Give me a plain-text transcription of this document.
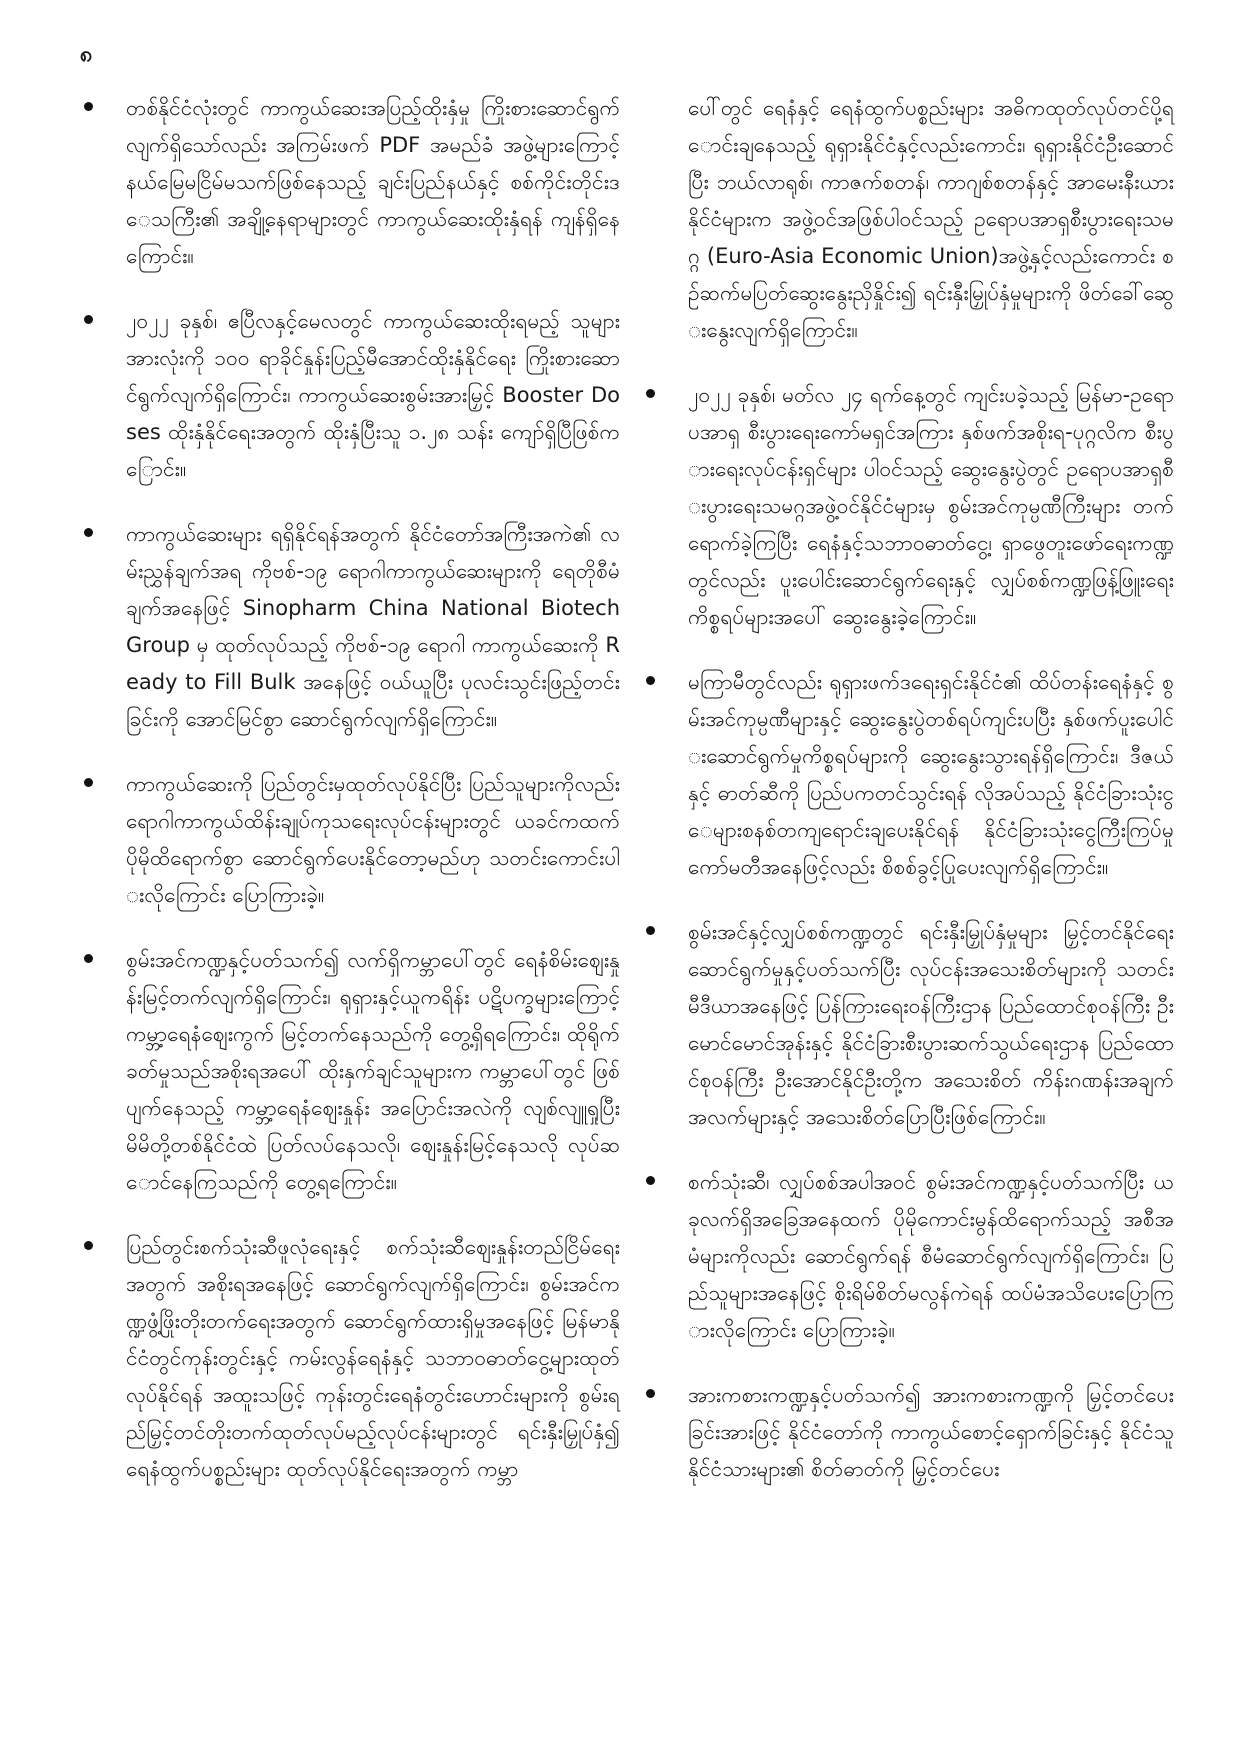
၈

တစ်နိုင်ငံလုံးတွင် ကာကွယ်ဆေးအပြည့်ထိုးနှံမှု ကြိုးစားဆောင်ရွက်လျက်ရှိသော်လည်း အကြမ်းဖက် PDF အမည်ခံ အဖွဲ့များကြောင့် နယ်မြေမငြိမ်မသက်ဖြစ်နေသည့် ချင်းပြည်နယ်နှင့် စစ်ကိုင်းတိုင်းဒေသကြီး၏ အချို့နေရာများတွင် ကာကွယ်ဆေးထိုးနှံရန် ကျန်ရှိနေကြောင်း။

၂၀၂၂ ခုနှစ်၊ ဧပြီလနှင့်မေလတွင် ကာကွယ်ဆေးထိုးရမည့် သူများအားလုံးကို ၁၀၀ ရာခိုင်နှုန်းပြည့်မီအောင်ထိုးနှံနိုင်ရေး ကြိုးစားဆောင်ရွက်လျက်ရှိကြောင်း၊ ကာကွယ်ဆေးစွမ်းအားမြှင့် Booster Doses ထိုးနှံနိုင်ရေးအတွက် ထိုးနှံပြီးသူ ၁.၂၈ သန်း ကျော်ရှိပြီဖြစ်ကြောင်း။

ကာကွယ်ဆေးများ ရရှိနိုင်ရန်အတွက် နိုင်ငံတော်အကြီးအကဲ၏ လမ်းညွှန်ချက်အရ ကိုဗစ်-၁၉ ရောဂါကာကွယ်ဆေးများကို ရေတိုစီမံချက်အနေဖြင့် Sinopharm China National Biotech Group မှ ထုတ်လုပ်သည့် ကိုဗစ်-၁၉ ရောဂါ ကာကွယ်ဆေးကို Ready to Fill Bulk အနေဖြင့် ဝယ်ယူပြီး ပုလင်းသွင်းဖြည့်တင်းခြင်းကို အောင်မြင်စွာ ဆောင်ရွက်လျက်ရှိကြောင်း။

ကာကွယ်ဆေးကို ပြည်တွင်းမှထုတ်လုပ်နိုင်ပြီး ပြည်သူများကိုလည်း ရောဂါကာကွယ်ထိန်းချုပ်ကုသရေးလုပ်ငန်းများတွင် ယခင်ကထက် ပိုမိုထိရောက်စွာ ဆောင်ရွက်ပေးနိုင်တော့မည်ဟု သတင်းကောင်းပါးလိုကြောင်း ပြောကြားခဲ့။

စွမ်းအင်ကဏ္ဍနှင့်ပတ်သက်၍ လက်ရှိကမ္ဘာပေါ်တွင် ရေနံစိမ်းဈေးနှုန်းမြင့်တက်လျက်ရှိကြောင်း၊ ရုရှားနှင့်ယူကရိန်း ပဋိပက္ခများကြောင့် ကမ္ဘာ့ရေနံဈေးကွက် မြင့်တက်နေသည်ကို တွေ့ရှိရကြောင်း၊ ထိုရိုက်ခတ်မှုသည်အစိုးရအပေါ် ထိုးနှက်ချင်သူများက ကမ္ဘာပေါ်တွင် ဖြစ်ပျက်နေသည့် ကမ္ဘာ့ရေနံဈေးနှုန်း အပြောင်းအလဲကို လျစ်လျူရှုပြီး မိမိတို့တစ်နိုင်ငံထဲ ပြတ်လပ်နေသလို၊ ဈေးနှုန်းမြင့်နေသလို လုပ်ဆောင်နေကြသည်ကို တွေ့ရကြောင်း။

ပြည်တွင်းစက်သုံးဆီဖူလုံရေးနှင့် စက်သုံးဆီဈေးနှုန်းတည်ငြိမ်ရေးအတွက် အစိုးရအနေဖြင့် ဆောင်ရွက်လျက်ရှိကြောင်း၊ စွမ်းအင်ကဏ္ဍဖွံ့ဖြိုးတိုးတက်ရေးအတွက် ဆောင်ရွက်ထားရှိမှုအနေဖြင့် မြန်မာနိုင်ငံတွင်ကုန်းတွင်းနှင့် ကမ်းလွန်ရေနံနှင့် သဘာဝဓာတ်ငွေ့များထုတ်လုပ်နိုင်ရန် အထူးသဖြင့် ကုန်းတွင်းရေနံတွင်းဟောင်းများကို စွမ်းရည်မြှင့်တင်တိုးတက်ထုတ်လုပ်မည့်လုပ်ငန်းများတွင် ရင်းနှီးမြှုပ်နှံ၍ ရေနံထွက်ပစ္စည်းများ ထုတ်လုပ်နိုင်ရေးအတွက် ကမ္ဘာ

ပေါ်တွင် ရေနံနှင့် ရေနံထွက်ပစ္စည်းများ အဓိကထုတ်လုပ်တင်ပို့ရောင်းချနေသည့် ရုရှားနိုင်ငံနှင့်လည်းကောင်း၊ ရုရှားနိုင်ငံဦးဆောင်ပြီး ဘယ်လာရုစ်၊ ကာဇက်စတန်၊ ကာဂျစ်စတန်နှင့် အာမေးနီးယားနိုင်ငံများက အဖွဲ့ဝင်အဖြစ်ပါဝင်သည့် ဥရောပအာရှစီးပွားရေးသမဂ္ဂ (Euro-Asia Economic Union)အဖွဲ့နှင့်လည်းကောင်း စဉ်ဆက်မပြတ်ဆွေးနွေးညှိနှိုင်း၍ ရင်းနှီးမြှုပ်နှံမှုများကို ဖိတ်ခေါ်ဆွေးနွေးလျက်ရှိကြောင်း။

၂၀၂၂ ခုနှစ်၊ မတ်လ ၂၄ ရက်နေ့တွင် ကျင်းပခဲ့သည့် မြန်မာ-ဥရောပအာရှ စီးပွားရေးကော်မရှင်အကြား နှစ်ဖက်အစိုးရ-ပုဂ္ဂလိက စီးပွားရေးလုပ်ငန်းရှင်များ ပါဝင်သည့် ဆွေးနွေးပွဲတွင် ဥရောပအာရှစီးပွားရေးသမဂ္ဂအဖွဲ့ဝင်နိုင်ငံများမှ စွမ်းအင်ကုမ္ပဏီကြီးများ တက်ရောက်ခဲ့ကြပြီး ရေနံနှင့်သဘာဝဓာတ်ငွေ့၊ ရှာဖွေတူးဖော်ရေးကဏ္ဍတွင်လည်း ပူးပေါင်းဆောင်ရွက်ရေးနှင့် လျှပ်စစ်ကဏ္ဍဖြန့်ဖြူးရေး ကိစ္စရပ်များအပေါ် ဆွေးနွေးခဲ့ကြောင်း။

မကြာမီတွင်လည်း ရုရှားဖက်ဒရေးရှင်းနိုင်ငံ၏ ထိပ်တန်းရေနံနှင့် စွမ်းအင်ကုမ္ပဏီများနှင့် ဆွေးနွေးပွဲတစ်ရပ်ကျင်းပပြီး နှစ်ဖက်ပူးပေါင်းဆောင်ရွက်မှုကိစ္စရပ်များကို ဆွေးနွေးသွားရန်ရှိကြောင်း၊ ဒီဇယ်နှင့် ဓာတ်ဆီကို ပြည်ပကတင်သွင်းရန် လိုအပ်သည့် နိုင်ငံခြားသုံးငွေများစနစ်တကျရောင်းချပေးနိုင်ရန် နိုင်ငံခြားသုံးငွေကြီးကြပ်မှုကော်မတီအနေဖြင့်လည်း စိစစ်ခွင့်ပြုပေးလျက်ရှိကြောင်း။

စွမ်းအင်နှင့်လျှပ်စစ်ကဏ္ဍတွင် ရင်းနှီးမြှုပ်နှံမှုများ မြှင့်တင်နိုင်ရေးဆောင်ရွက်မှုနှင့်ပတ်သက်ပြီး လုပ်ငန်းအသေးစိတ်များကို သတင်းမီဒီယာအနေဖြင့် ပြန်ကြားရေးဝန်ကြီးဌာန ပြည်ထောင်စုဝန်ကြီး ဦးမောင်မောင်အုန်းနှင့် နိုင်ငံခြားစီးပွားဆက်သွယ်ရေးဌာန ပြည်ထောင်စုဝန်ကြီး ဦးအောင်နိုင်ဦးတို့က အသေးစိတ် ကိန်းဂဏန်းအချက်အလက်များနှင့် အသေးစိတ်ပြောပြီးဖြစ်ကြောင်း။

စက်သုံးဆီ၊ လျှပ်စစ်အပါအဝင် စွမ်းအင်ကဏ္ဍနှင့်ပတ်သက်ပြီး ယခုလက်ရှိအခြေအနေထက် ပိုမိုကောင်းမွန်ထိရောက်သည့် အစီအမံများကိုလည်း ဆောင်ရွက်ရန် စီမံဆောင်ရွက်လျက်ရှိကြောင်း၊ ပြည်သူများအနေဖြင့် စိုးရိမ်စိတ်မလွန်ကဲရန် ထပ်မံအသိပေးပြောကြားလိုကြောင်း ပြောကြားခဲ့။

အားကစားကဏ္ဍနှင့်ပတ်သက်၍ အားကစားကဏ္ဍကို မြှင့်တင်ပေးခြင်းအားဖြင့် နိုင်ငံတော်ကို ကာကွယ်စောင့်ရှောက်ခြင်းနှင့် နိုင်ငံသူနိုင်ငံသားများ၏ စိတ်ဓာတ်ကို မြှင့်တင်ပေး
